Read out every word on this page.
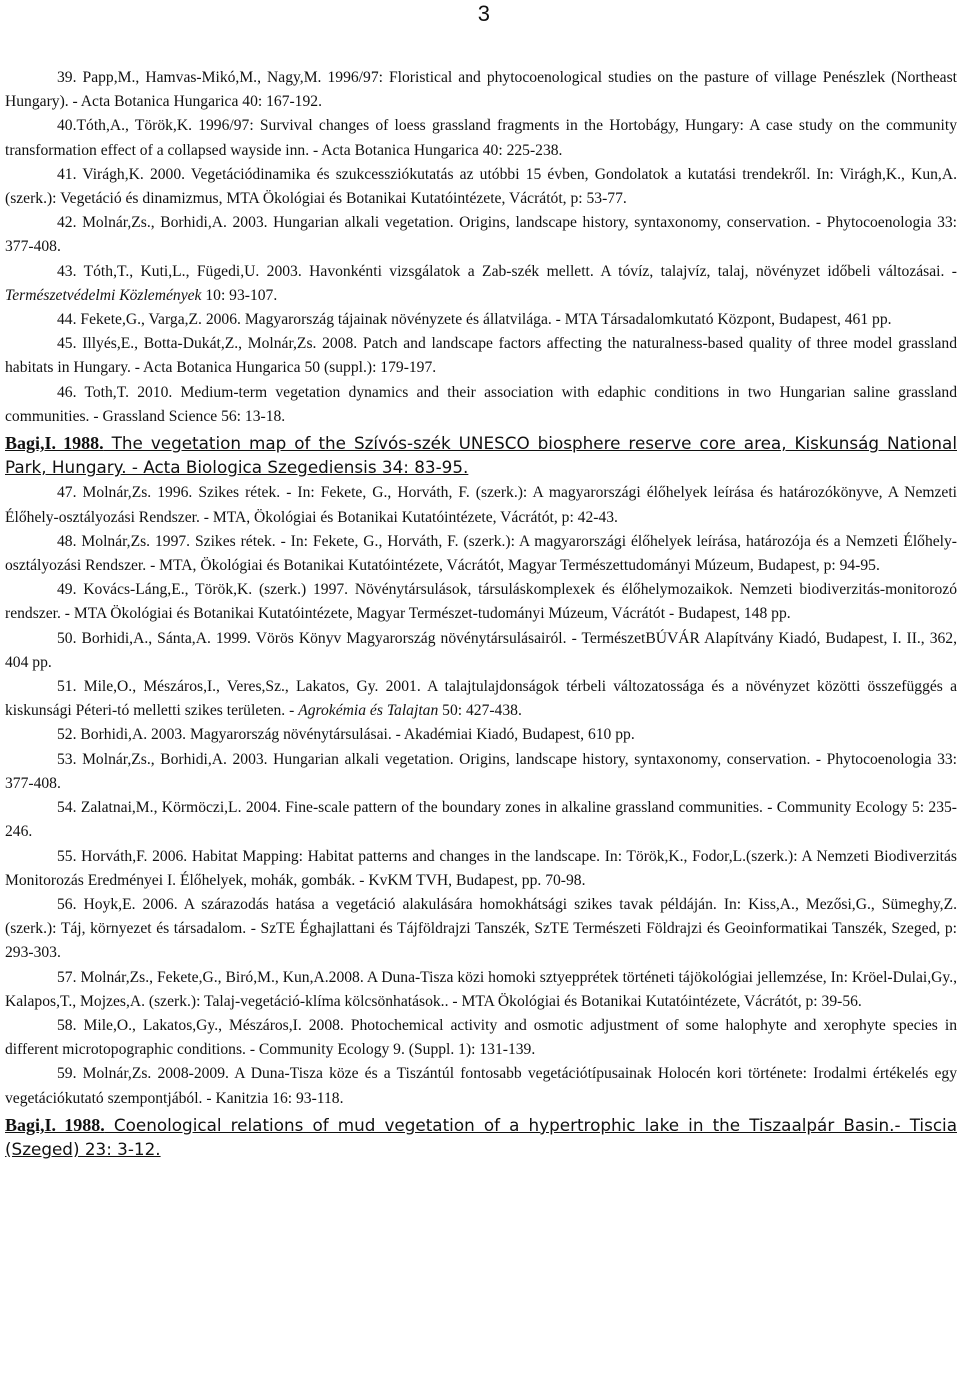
3

39. Papp,M., Hamvas-Mikó,M., Nagy,M. 1996/97: Floristical and phytocoenological studies on the pasture of village Penészlek (Northeast Hungary). - Acta Botanica Hungarica 40: 167-192.

40.Tóth,A., Török,K. 1996/97: Survival changes of loess grassland fragments in the Hortobágy, Hungary: A case study on the community transformation effect of a collapsed wayside inn. - Acta Botanica Hungarica 40: 225-238.

41. Virágh,K. 2000. Vegetációdinamika és szukcessziókutatás az utóbbi 15 évben, Gondolatok a kutatási trendekről. In: Virágh,K., Kun,A. (szerk.): Vegetáció és dinamizmus, MTA Ökológiai és Botanikai Kutatóintézete, Vácrátót, p: 53-77.

42. Molnár,Zs., Borhidi,A. 2003. Hungarian alkali vegetation. Origins, landscape history, syntaxonomy, conservation. - Phytocoenologia 33: 377-408.

43. Tóth,T., Kuti,L., Fügedi,U. 2003. Havonkénti vizsgálatok a Zab-szék mellett. A tóvíz, talajvíz, talaj, növényzet időbeli változásai. - Természetvédelmi Közlemények 10: 93-107.

44. Fekete,G., Varga,Z. 2006. Magyarország tájainak növényzete és állatvilága. - MTA Társadalomkutató Központ, Budapest, 461 pp.

45. Illyés,E., Botta-Dukát,Z., Molnár,Zs. 2008. Patch and landscape factors affecting the naturalness-based quality of three model grassland habitats in Hungary. - Acta Botanica Hungarica 50 (suppl.): 179-197.

46. Toth,T. 2010. Medium-term vegetation dynamics and their association with edaphic conditions in two Hungarian saline grassland communities. - Grassland Science 56: 13-18.

Bagi,I. 1988. The vegetation map of the Szívós-szék UNESCO biosphere reserve core area, Kiskunság National Park, Hungary. - Acta Biologica Szegediensis 34: 83-95.

47. Molnár,Zs. 1996. Szikes rétek. - In: Fekete, G., Horváth, F. (szerk.): A magyarországi élőhelyek leírása és határozókönyve, A Nemzeti Élőhely-osztályozási Rendszer. - MTA, Ökológiai és Botanikai Kutatóintézete, Vácrátót, p: 42-43.

48. Molnár,Zs. 1997. Szikes rétek. - In: Fekete, G., Horváth, F. (szerk.): A magyarországi élőhelyek leírása, határozója és a Nemzeti Élőhely-osztályozási Rendszer. - MTA, Ökológiai és Botanikai Kutatóintézete, Vácrátót, Magyar Természettudományi Múzeum, Budapest, p: 94-95.

49. Kovács-Láng,E., Török,K. (szerk.) 1997. Növénytársulások, társuláskomplexek és élőhelymozaikok. Nemzeti biodiverzitás-monitorozó rendszer. - MTA Ökológiai és Botanikai Kutatóintézete, Magyar Természet-tudományi Múzeum, Vácrátót - Budapest, 148 pp.

50. Borhidi,A., Sánta,A. 1999. Vörös Könyv Magyarország növénytársulásairól. - TermészetBÚVÁR Alapítvány Kiadó, Budapest, I. II., 362, 404 pp.

51. Mile,O., Mészáros,I., Veres,Sz., Lakatos, Gy. 2001. A talajtulajdonságok térbeli változatossága és a növényzet közötti összefüggés a kiskunsági Péteri-tó melletti szikes területen. - Agrokémia és Talajtan 50: 427-438.

52. Borhidi,A. 2003. Magyarország növénytársulásai. - Akadémiai Kiadó, Budapest, 610 pp.

53. Molnár,Zs., Borhidi,A. 2003. Hungarian alkali vegetation. Origins, landscape history, syntaxonomy, conservation. - Phytocoenologia 33: 377-408.

54. Zalatnai,M., Körmöczi,L. 2004. Fine-scale pattern of the boundary zones in alkaline grassland communities. - Community Ecology 5: 235-246.

55. Horváth,F. 2006. Habitat Mapping: Habitat patterns and changes in the landscape. In: Török,K., Fodor,L.(szerk.): A Nemzeti Biodiverzitás Monitorozás Eredményei I. Élőhelyek, mohák, gombák. - KvKM TVH, Budapest, pp. 70-98.

56. Hoyk,E. 2006. A szárazodás hatása a vegetáció alakulására homokhátsági szikes tavak példáján. In: Kiss,A., Mezősi,G., Sümeghy,Z. (szerk.): Táj, környezet és társadalom. - SzTE Éghajlattani és Tájföldrajzi Tanszék, SzTE Természeti Földrajzi és Geoinformatikai Tanszék, Szeged, p: 293-303.

57. Molnár,Zs., Fekete,G., Biró,M., Kun,A.2008. A Duna-Tisza közi homoki sztyepprétek történeti tájökológiai jellemzése, In: Kröel-Dulai,Gy., Kalapos,T., Mojzes,A. (szerk.): Talaj-vegetáció-klíma kölcsönhatások.. - MTA Ökológiai és Botanikai Kutatóintézete, Vácrátót, p: 39-56.

58. Mile,O., Lakatos,Gy., Mészáros,I. 2008. Photochemical activity and osmotic adjustment of some halophyte and xerophyte species in different microtopographic conditions. - Community Ecology 9. (Suppl. 1): 131-139.

59. Molnár,Zs. 2008-2009. A Duna-Tisza köze és a Tiszántúl fontosabb vegetációtípusainak Holocén kori története: Irodalmi értékelés egy vegetációkutató szempontjából. - Kanitzia 16: 93-118.

Bagi,I. 1988. Coenological relations of mud vegetation of a hypertrophic lake in the Tiszaalpár Basin.- Tiscia (Szeged) 23: 3-12.
